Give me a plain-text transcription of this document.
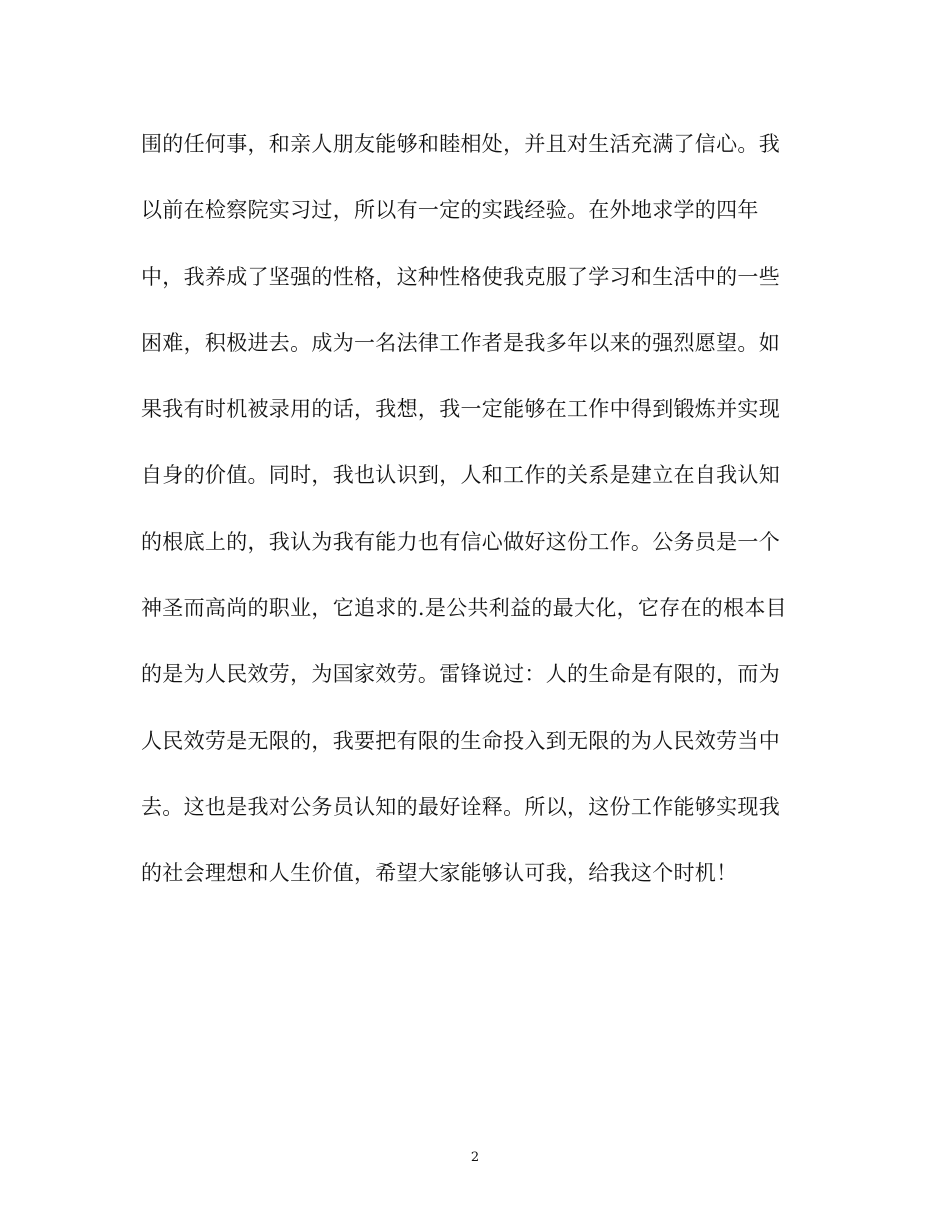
围的任何事，和亲人朋友能够和睦相处，并且对生活充满了信心。我
以前在检察院实习过，所以有一定的实践经验。在外地求学的四年
中，我养成了坚强的性格，这种性格使我克服了学习和生活中的一些
困难，积极进去。成为一名法律工作者是我多年以来的强烈愿望。如
果我有时机被录用的话，我想，我一定能够在工作中得到锻炼并实现
自身的价值。同时，我也认识到，人和工作的关系是建立在自我认知
的根底上的，我认为我有能力也有信心做好这份工作。公务员是一个
神圣而高尚的职业，它追求的.是公共利益的最大化，它存在的根本目
的是为人民效劳，为国家效劳。雷锋说过：人的生命是有限的，而为
人民效劳是无限的，我要把有限的生命投入到无限的为人民效劳当中
去。这也是我对公务员认知的最好诠释。所以，这份工作能够实现我
的社会理想和人生价值，希望大家能够认可我，给我这个时机！
2
